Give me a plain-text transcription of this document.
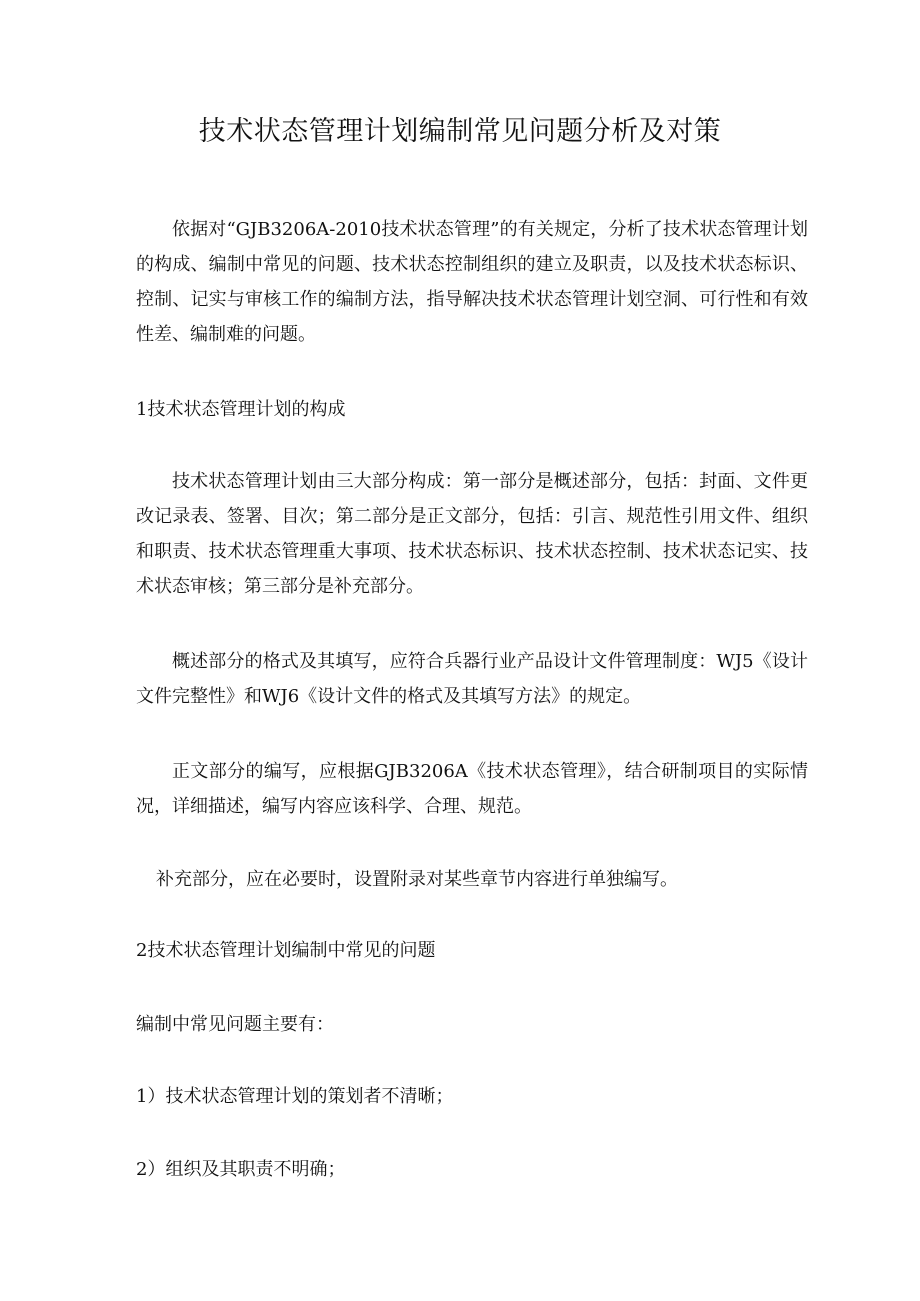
技术状态管理计划编制常见问题分析及对策

依据对“GJB3206A-2010技术状态管理”的有关规定，分析了技术状态管理计划的构成、编制中常见的问题、技术状态控制组织的建立及职责，以及技术状态标识、控制、记实与审核工作的编制方法，指导解决技术状态管理计划空洞、可行性和有效性差、编制难的问题。

1技术状态管理计划的构成

技术状态管理计划由三大部分构成：第一部分是概述部分，包括：封面、文件更改记录表、签署、目次；第二部分是正文部分，包括：引言、规范性引用文件、组织和职责、技术状态管理重大事项、技术状态标识、技术状态控制、技术状态记实、技术状态审核；第三部分是补充部分。

概述部分的格式及其填写，应符合兵器行业产品设计文件管理制度：WJ5《设计文件完整性》和WJ6《设计文件的格式及其填写方法》的规定。

正文部分的编写，应根据GJB3206A《技术状态管理》，结合研制项目的实际情况，详细描述，编写内容应该科学、合理、规范。

补充部分，应在必要时，设置附录对某些章节内容进行单独编写。

2技术状态管理计划编制中常见的问题

编制中常见问题主要有：

1）技术状态管理计划的策划者不清晰；

2）组织及其职责不明确；
